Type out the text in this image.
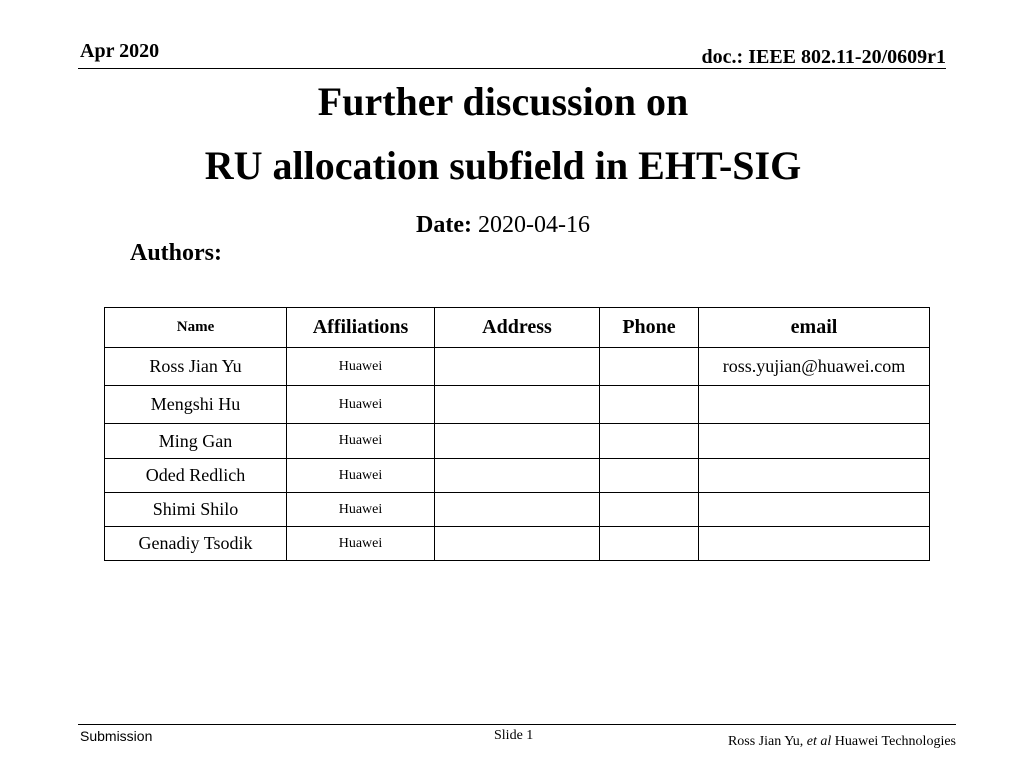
Apr 2020	doc.: IEEE 802.11-20/0609r1
Further discussion on
RU allocation subfield in EHT-SIG
Date: 2020-04-16
Authors:
Name	Affiliations	Address	Phone	email
Ross Jian Yu	Huawei			ross.yujian@huawei.com
Mengshi Hu	Huawei			
Ming Gan	Huawei			
Oded Redlich	Huawei			
Shimi Shilo	Huawei			
Genadiy Tsodik	Huawei			
Submission	Slide 1	Ross Jian Yu, et al Huawei Technologies
